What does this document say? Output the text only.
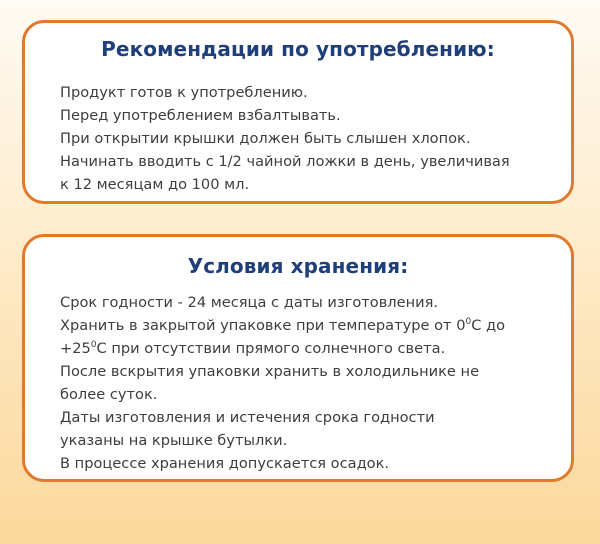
Рекомендации по употреблению:

Продукт готов к употреблению.

Перед употреблением взбалтывать.

При открытии крышки должен быть слышен хлопок.

Начинать вводить с 1/2 чайной ложки в день, увеличивая

к 12 месяцам до 100 мл.

Условия хранения:

Срок годности - 24 месяца с даты изготовления.

Хранить в закрытой упаковке при температуре от $0^0С$ до

$+25^0С$ при отсутствии прямого солнечного света.

После вскрытия упаковки хранить в холодильнике не

более суток.

Даты изготовления и истечения срока годности

указаны на крышке бутылки.

В процессе хранения допускается осадок.
